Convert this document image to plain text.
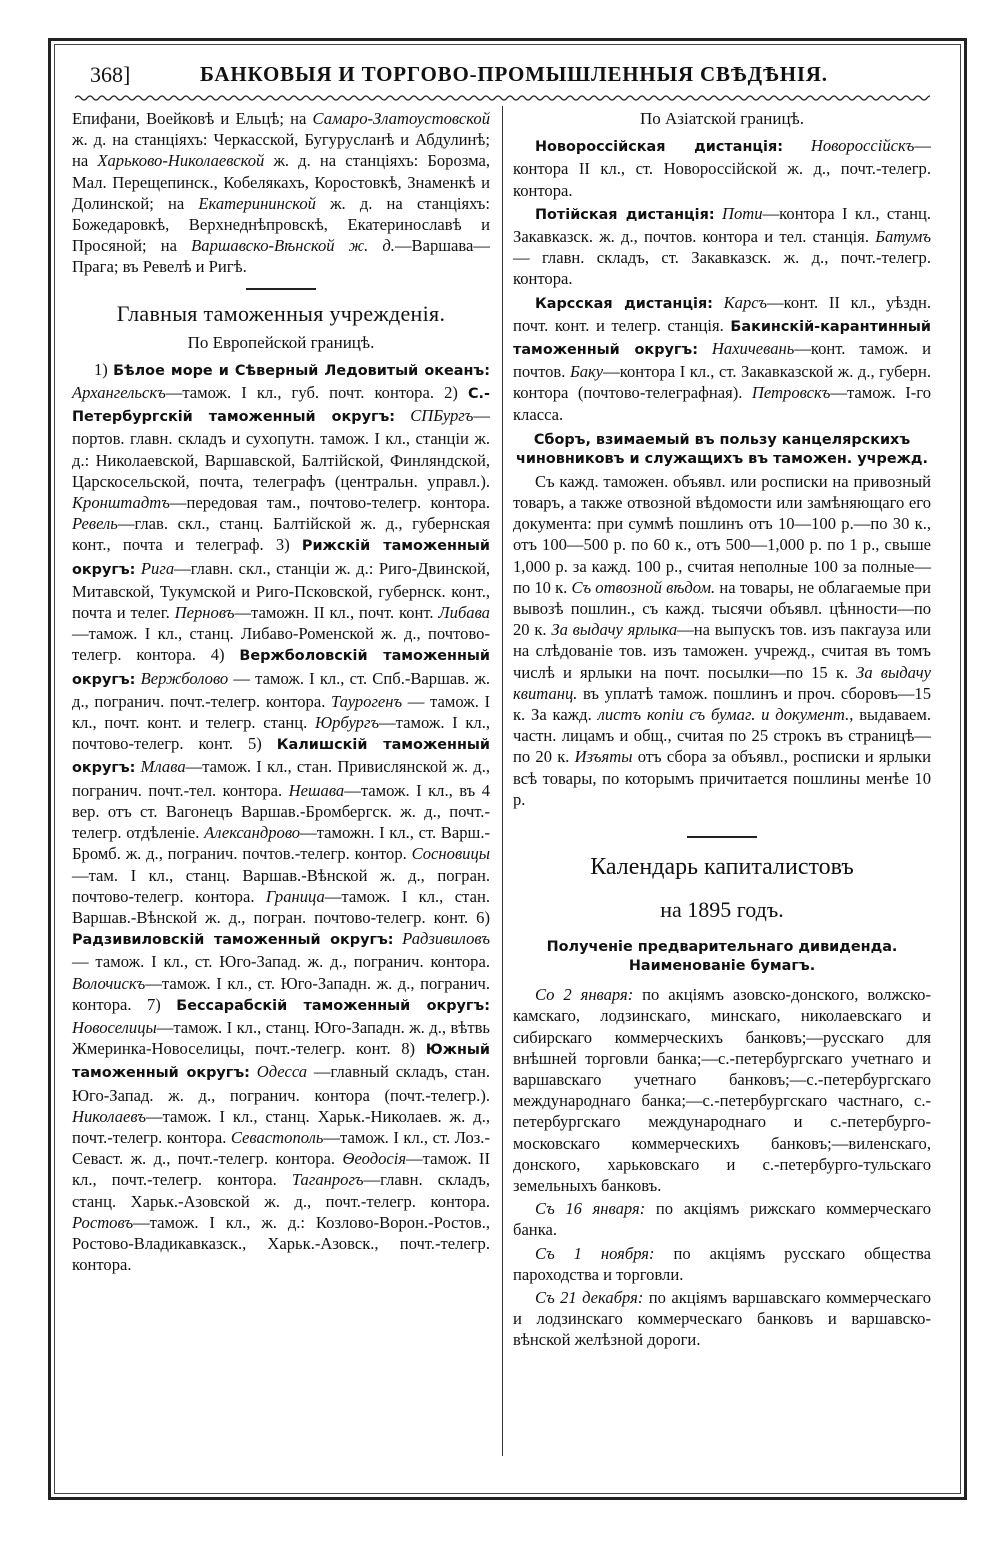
368]	БАНКОВЫЯ И ТОРГОВО-ПРОМЫШЛЕННЫЯ СВѢДѢНІЯ.

Епифани, Воейковѣ и Ельцѣ; на Самаро-Златоустовской ж. д. на станціяхъ: Черкасской, Бугурусланѣ и Абдулинѣ; на Харьково-Николаевской ж. д. на станціяхъ: Борозма, Мал. Перещепинск., Кобелякахъ, Коростовкѣ, Знаменкѣ и Долинской; на Екатерининской ж. д. на станціяхъ: Божедаровкѣ, Верхнеднѣпровскѣ, Екатеринославѣ и Просяной; на Варшавско-Вѣнской ж. д.—Варшава—Прага; въ Ревелѣ и Ригѣ.

Главныя таможенныя учрежденія.
По Европейской границѣ.

1) Бѣлое море и Сѣверный Ледовитый океанъ: Архангельскъ—тамож. I кл., губ. почт. контора. 2) С.-Петербургскій таможенный округъ: СПБургъ—портов. главн. складъ и сухопутн. тамож. I кл., станціи ж. д.: Николаевской, Варшавской, Балтійской, Финляндской, Царскосельской, почта, телеграфъ (центральн. управл.). Кронштадтъ—передовая там., почтово-телегр. контора. Ревель—глав. скл., станц. Балтійской ж. д., губернская конт., почта и телеграф. 3) Рижскій таможенный округъ: Рига—главн. скл., станціи ж. д.: Риго-Двинской, Митавской, Тукумской и Риго-Псковской, губернск. конт., почта и телег. Перновъ—таможн. II кл., почт. конт. Либава—тамож. I кл., станц. Либаво-Роменской ж. д., почтово-телегр. контора. 4) Вержболовскій таможенный округъ: Вержболово — тамож. I кл., ст. Спб.-Варшав. ж. д., погранич. почт.-телегр. контора. Таурогенъ — тамож. I кл., почт. конт. и телегр. станц. Юрбургъ—тамож. I кл., почтово-телегр. конт. 5) Калишскій таможенный округъ: Млава—тамож. I кл., стан. Привислянской ж. д., погранич. почт.-тел. контора. Нешава—тамож. I кл., въ 4 вер. отъ ст. Вагонецъ Варшав.-Бромбергск. ж. д., почт.-телегр. отдѣленіе. Александрово—таможн. I кл., ст. Варш.-Бромб. ж. д., погранич. почтов.-телегр. контор. Сосновицы—там. I кл., станц. Варшав.-Вѣнской ж. д., погран. почтово-телегр. контора. Граница—тамож. I кл., стан. Варшав.-Вѣнской ж. д., погран. почтово-телегр. конт. 6) Радзивиловскій таможенный округъ: Радзивиловъ — тамож. I кл., ст. Юго-Запад. ж. д., погранич. контора. Волочискъ—тамож. I кл., ст. Юго-Западн. ж. д., погранич. контора. 7) Бессарабскій таможенный округъ: Новоселицы—тамож. I кл., станц. Юго-Западн. ж. д., вѣтвь Жмеринка-Новоселицы, почт.-телегр. конт. 8) Южный таможенный округъ: Одесса —главный складъ, стан. Юго-Запад. ж. д., погранич. контора (почт.-телегр.). Николаевъ—тамож. I кл., станц. Харьк.-Николаев. ж. д., почт.-телегр. контора. Севастополь—тамож. I кл., ст. Лоз.-Севаст. ж. д., почт.-телегр. контора. Ѳеодосія—тамож. II кл., почт.-телегр. контора. Таганрогъ—главн. складъ, станц. Харьк.-Азовской ж. д., почт.-телегр. контора. Ростовъ—тамож. I кл., ж. д.: Козлово-Ворон.-Ростов., Ростово-Владикавказск., Харьк.-Азовск., почт.-телегр. контора.

По Азіатской границѣ.

Новороссійская дистанція: Новороссійскъ—контора II кл., ст. Новороссійской ж. д., почт.-телегр. контора.

Потійская дистанція: Поти—контора I кл., станц. Закавказск. ж. д., почтов. контора и тел. станція. Батумъ — главн. складъ, ст. Закавказск. ж. д., почт.-телегр. контора.

Карсская дистанція: Карсъ—конт. II кл., уѣздн. почт. конт. и телегр. станція. Бакинскій-карантинный таможенный округъ: Нахичевань—конт. тамож. и почтов. Баку—контора I кл., ст. Закавказской ж. д., губерн. контора (почтово-телеграфная). Петровскъ—тамож. I-го класса.

Сборъ, взимаемый въ пользу канцелярскихъ чиновниковъ и служащихъ въ таможен. учрежд.

Съ кажд. таможен. объявл. или росписки на привозный товаръ, а также отвозной вѣдомости или замѣняющаго его документа: при суммѣ пошлинъ отъ 10—100 р.—по 30 к., отъ 100—500 р. по 60 к., отъ 500—1,000 р. по 1 р., свыше 1,000 р. за кажд. 100 р., считая неполные 100 за полные—по 10 к. Съ отвозной вѣдом. на товары, не облагаемые при вывозѣ пошлин., съ кажд. тысячи объявл. цѣнности—по 20 к. За выдачу ярлыка—на выпускъ тов. изъ пакгауза или на слѣдованіе тов. изъ таможен. учрежд., считая въ томъ числѣ и ярлыки на почт. посылки—по 15 к. За выдачу квитанц. въ уплатѣ тамож. пошлинъ и проч. сборовъ—15 к. За кажд. листъ копіи съ бумаг. и документ., выдаваем. частн. лицамъ и общ., считая по 25 строкъ въ страницѣ—по 20 к. Изъяты отъ сбора за объявл., росписки и ярлыки всѣ товары, по которымъ причитается пошлины менѣе 10 р.

Календарь капиталистовъ
на 1895 годъ.

Полученіе предварительнаго дивиденда. Наименованіе бумагъ.

Со 2 января: по акціямъ азовско-донского, волжско-камскаго, лодзинскаго, минскаго, николаевскаго и сибирскаго коммерческихъ банковъ;—русскаго для внѣшней торговли банка;—с.-петербургскаго учетнаго и варшавскаго учетнаго банковъ;—с.-петербургскаго международнаго банка;—с.-петербургскаго частнаго, с.-петербургскаго международнаго и с.-петербурго-московскаго коммерческихъ банковъ;—виленскаго, донского, харьковскаго и с.-петербурго-тульскаго земельныхъ банковъ.

Съ 16 января: по акціямъ рижскаго коммерческаго банка.

Съ 1 ноября: по акціямъ русскаго общества пароходства и торговли.

Съ 21 декабря: по акціямъ варшавскаго коммерческаго и лодзинскаго коммерческаго банковъ и варшавско-вѣнской желѣзной дороги.
